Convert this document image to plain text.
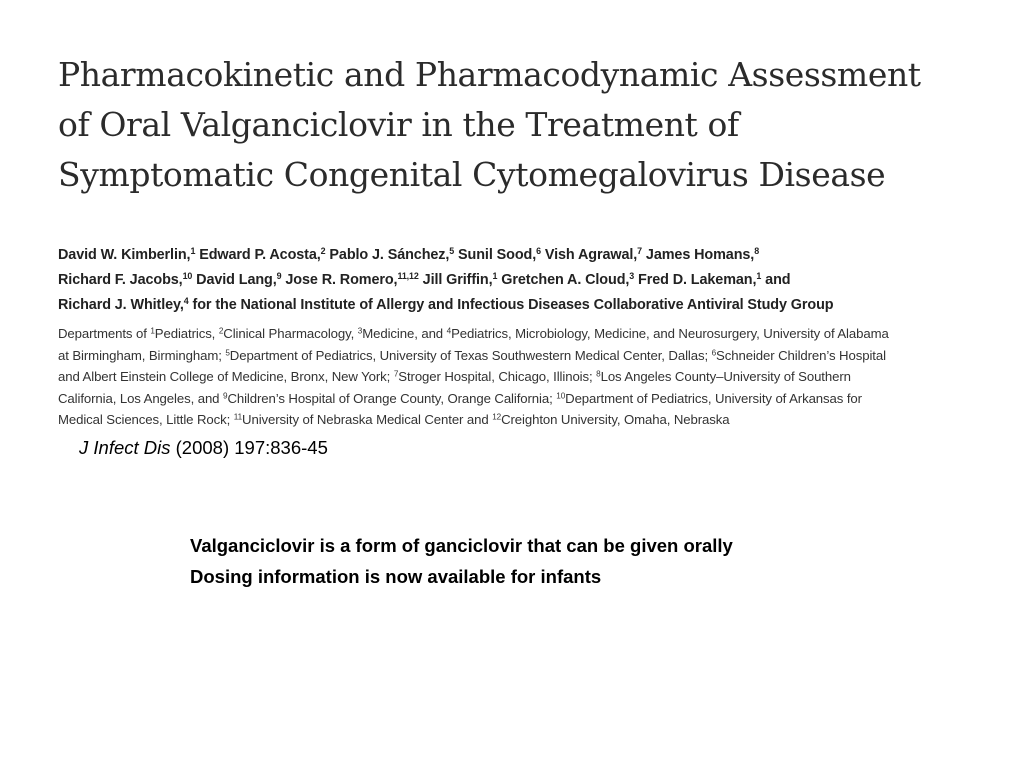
Pharmacokinetic and Pharmacodynamic Assessment
of Oral Valganciclovir in the Treatment of
Symptomatic Congenital Cytomegalovirus Disease
David W. Kimberlin,$^1$ Edward P. Acosta,$^2$ Pablo J. Sánchez,$^5$ Sunil Sood,$^6$ Vish Agrawal,$^7$ James Homans,$^8$
Richard F. Jacobs,$^{10}$ David Lang,$^9$ Jose R. Romero,$^{11,12}$ Jill Griffin,$^1$ Gretchen A. Cloud,$^3$ Fred D. Lakeman,$^1$ and
Richard J. Whitley,$^4$ for the National Institute of Allergy and Infectious Diseases Collaborative Antiviral Study Group
Departments of $^1$Pediatrics, $^2$Clinical Pharmacology, $^3$Medicine, and $^4$Pediatrics, Microbiology, Medicine, and Neurosurgery, University of Alabama
at Birmingham, Birmingham; $^5$Department of Pediatrics, University of Texas Southwestern Medical Center, Dallas; $^6$Schneider Children’s Hospital
and Albert Einstein College of Medicine, Bronx, New York; $^7$Stroger Hospital, Chicago, Illinois; $^8$Los Angeles County–University of Southern
California, Los Angeles, and $^9$Children’s Hospital of Orange County, Orange California; $^{10}$Department of Pediatrics, University of Arkansas for
Medical Sciences, Little Rock; $^{11}$University of Nebraska Medical Center and $^{12}$Creighton University, Omaha, Nebraska
J Infect Dis (2008) 197:836-45
Valganciclovir is a form of ganciclovir that can be given orally
Dosing information is now available for infants
